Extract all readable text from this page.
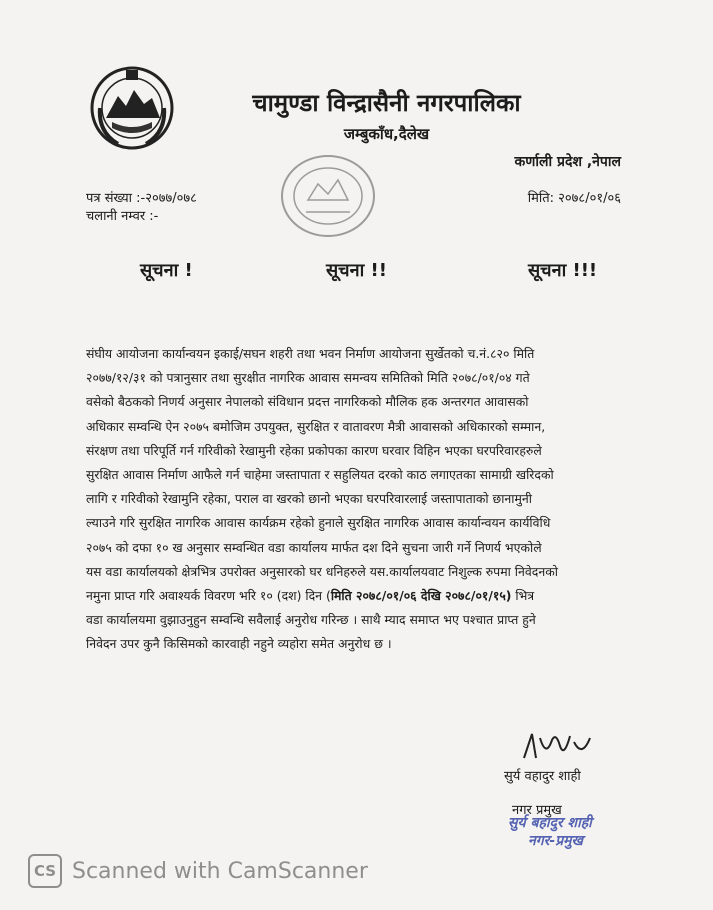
चामुण्डा विन्द्रासैनी नगरपालिका
जम्बुकाँध,दैलेख
कर्णाली प्रदेश ,नेपाल
पत्र संख्या :-२०७७/०७८
चलानी नम्वर :-
मिति: २०७८/०१/०६
सूचना !	सूचना !!	सूचना !!!
संघीय आयोजना कार्यान्वयन इकाई/सघन शहरी तथा भवन निर्माण आयोजना सुर्खेतको च.नं.८२० मिति
२०७७/१२/३१ को पत्रानुसार तथा सुरक्षीत नागरिक आवास समन्वय समितिको मिति २०७८/०१/०४ गते
वसेको बैठकको निणर्य अनुसार नेपालको संविधान प्रदत्त नागरिकको मौलिक हक अन्तरगत आवासको
अधिकार सम्वन्धि ऐन २०७५ बमोजिम उपयुक्त, सुरक्षित र वातावरण मैत्री आवासको अधिकारको सम्मान,
संरक्षण तथा परिपूर्ति गर्न गरिवीको रेखामुनी रहेका प्रकोपका कारण घरवार विहिन भएका घरपरिवारहरुले
सुरक्षित आवास निर्माण आफैले गर्न चाहेमा जस्तापाता र सहुलियत दरको काठ लगाएतका सामाग्री खरिदको
लागि र गरिवीको रेखामुनि रहेका, पराल वा खरको छानो भएका घरपरिवारलाई जस्तापाताको छानामुनी
ल्याउने गरि सुरक्षित नागरिक आवास कार्यक्रम रहेको हुनाले सुरक्षित नागरिक आवास कार्यान्वयन कार्यविधि
२०७५ को दफा १० ख अनुसार सम्वन्धित वडा कार्यालय मार्फत दश दिने सुचना जारी गर्ने निणर्य भएकोले
यस वडा कार्यालयको क्षेत्रभित्र उपरोक्त अनुसारको घर धनिहरुले यस.कार्यालयवाट निशुल्क रुपमा निवेदनको
नमुना प्राप्त गरि अवाश्यर्क विवरण भरि १० (दश) दिन (मिति २०७८/०१/०६ देखि २०७८/०१/१५) भित्र
वडा कार्यालयमा वुझाउनुहुन सम्वन्धि सवैलाई अनुरोध गरिन्छ । साथै म्याद समाप्त भए पश्चात प्राप्त हुने
निवेदन उपर कुनै किसिमको कारवाही नहुने व्यहोरा समेत अनुरोध छ ।
सुर्य वहादुर शाही
नगर प्रमुख
सुर्य बहादुर शाही
नगर-प्रमुख
CS Scanned with CamScanner
